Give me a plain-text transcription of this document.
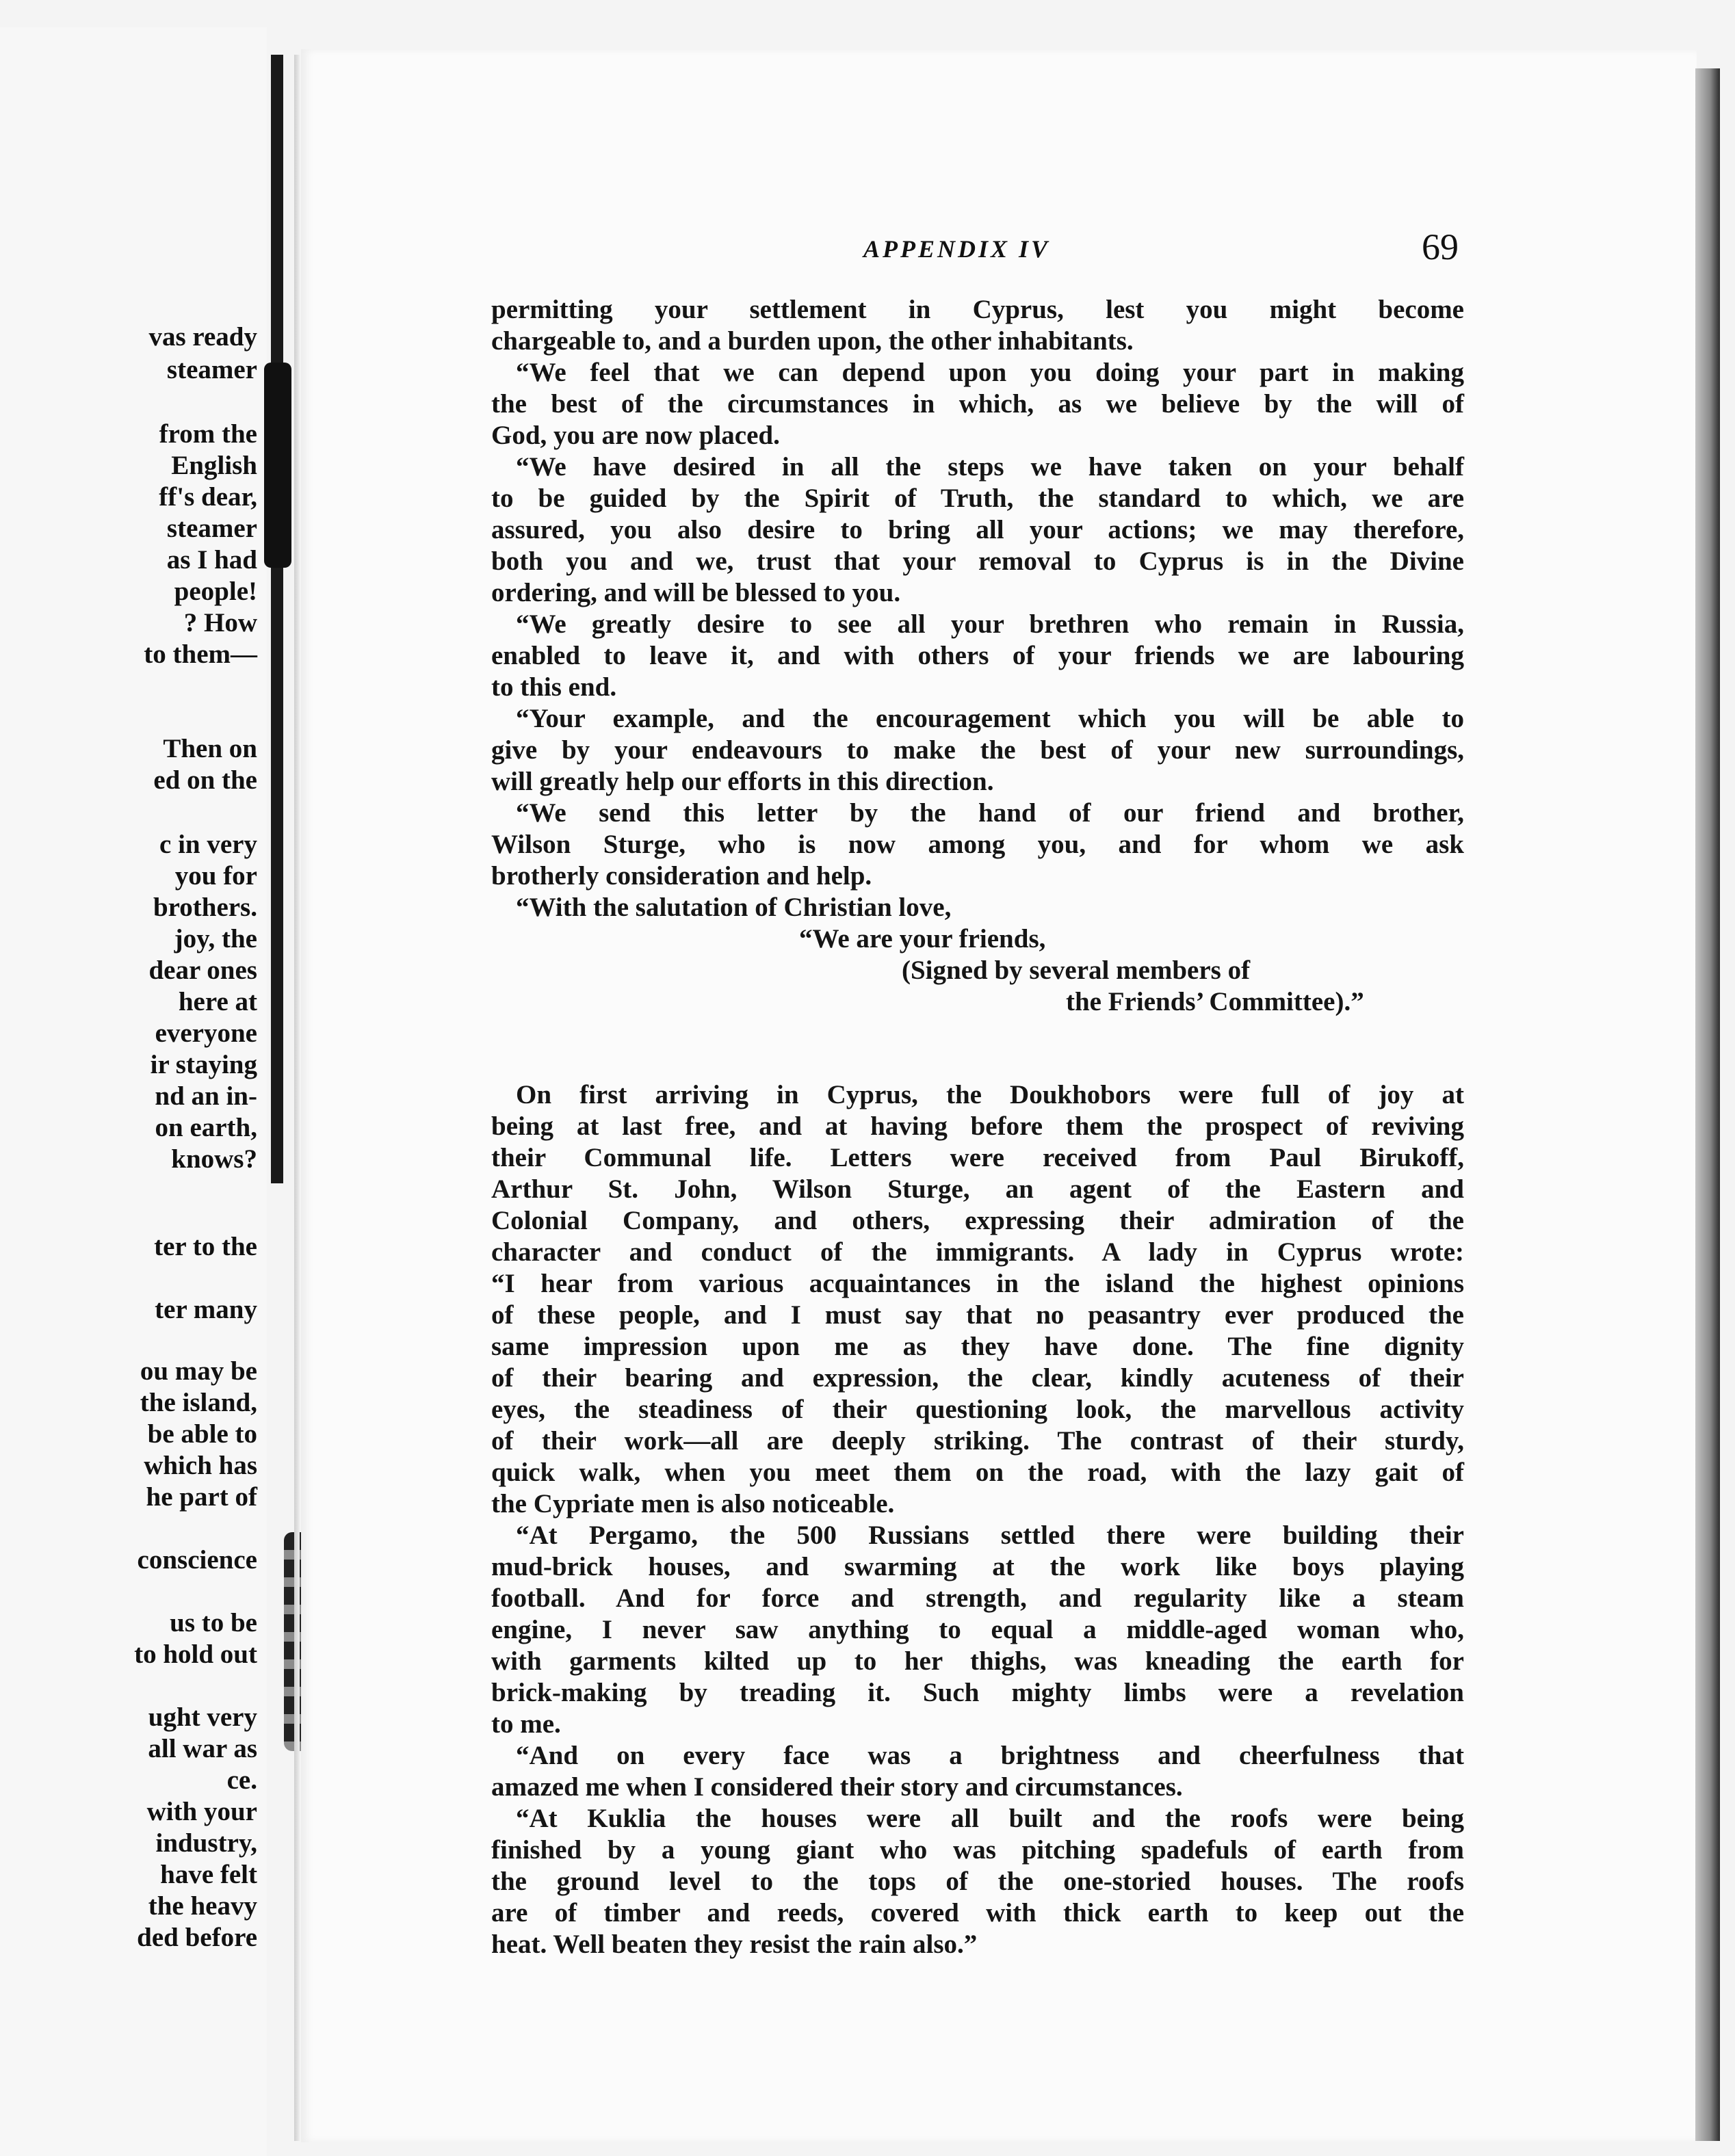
vas ready
steamer
from the
English
ff's dear,
steamer
as I had
people!
? How
to them—
Then on
ed on the
c in very
you for
brothers.
joy, the
dear ones
here at
everyone
ir staying
nd an in-
on earth,
knows?
ter to the
ter many
ou may be
the island,
be able to
which has
he part of
conscience
us to be
to hold out
ught very
all war as
ce.
with your
industry,
have felt
the heavy
ded before
APPENDIX IV	69
permitting your settlement in Cyprus, lest you might become
chargeable to, and a burden upon, the other inhabitants.
“We feel that we can depend upon you doing your part in making
the best of the circumstances in which, as we believe by the will of
God, you are now placed.
“We have desired in all the steps we have taken on your behalf
to be guided by the Spirit of Truth, the standard to which, we are
assured, you also desire to bring all your actions; we may therefore,
both you and we, trust that your removal to Cyprus is in the Divine
ordering, and will be blessed to you.
“We greatly desire to see all your brethren who remain in Russia,
enabled to leave it, and with others of your friends we are labouring
to this end.
“Your example, and the encouragement which you will be able to
give by your endeavours to make the best of your new surroundings,
will greatly help our efforts in this direction.
“We send this letter by the hand of our friend and brother,
Wilson Sturge, who is now among you, and for whom we ask
brotherly consideration and help.
“With the salutation of Christian love,
“We are your friends,
(Signed by several members of
the Friends’ Committee).”
On first arriving in Cyprus, the Doukhobors were full of joy at
being at last free, and at having before them the prospect of reviving
their Communal life. Letters were received from Paul Birukoff,
Arthur St. John, Wilson Sturge, an agent of the Eastern and
Colonial Company, and others, expressing their admiration of the
character and conduct of the immigrants. A lady in Cyprus wrote:
“I hear from various acquaintances in the island the highest opinions
of these people, and I must say that no peasantry ever produced the
same impression upon me as they have done. The fine dignity
of their bearing and expression, the clear, kindly acuteness of their
eyes, the steadiness of their questioning look, the marvellous activity
of their work—all are deeply striking. The contrast of their sturdy,
quick walk, when you meet them on the road, with the lazy gait of
the Cypriate men is also noticeable.
“At Pergamo, the 500 Russians settled there were building their
mud-brick houses, and swarming at the work like boys playing
football. And for force and strength, and regularity like a steam
engine, I never saw anything to equal a middle-aged woman who,
with garments kilted up to her thighs, was kneading the earth for
brick-making by treading it. Such mighty limbs were a revelation
to me.
“And on every face was a brightness and cheerfulness that
amazed me when I considered their story and circumstances.
“At Kuklia the houses were all built and the roofs were being
finished by a young giant who was pitching spadefuls of earth from
the ground level to the tops of the one-storied houses. The roofs
are of timber and reeds, covered with thick earth to keep out the
heat. Well beaten they resist the rain also.”
